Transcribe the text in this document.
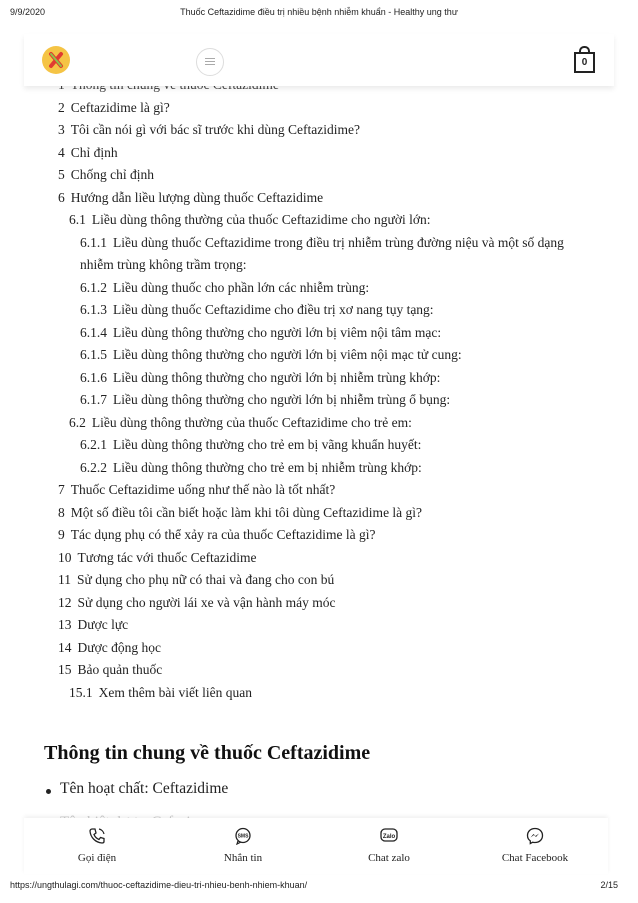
9/9/2020	Thuốc Ceftazidime điều trị nhiều bệnh nhiễm khuẩn - Healthy ung thư
0
2 Ceftazidime là gì?
3 Tôi cần nói gì với bác sĩ trước khi dùng Ceftazidime?
4 Chỉ định
5 Chống chỉ định
6 Hướng dẫn liều lượng dùng thuốc Ceftazidime
6.1 Liều dùng thông thường của thuốc Ceftazidime cho người lớn:
6.1.1 Liều dùng thuốc Ceftazidime trong điều trị nhiễm trùng đường niệu và một số dạng nhiễm trùng không trầm trọng:
6.1.2 Liều dùng thuốc cho phần lớn các nhiễm trùng:
6.1.3 Liều dùng thuốc Ceftazidime cho điều trị xơ nang tụy tạng:
6.1.4 Liều dùng thông thường cho người lớn bị viêm nội tâm mạc:
6.1.5 Liều dùng thông thường cho người lớn bị viêm nội mạc tử cung:
6.1.6 Liều dùng thông thường cho người lớn bị nhiễm trùng khớp:
6.1.7 Liều dùng thông thường cho người lớn bị nhiễm trùng ổ bụng:
6.2 Liều dùng thông thường của thuốc Ceftazidime cho trẻ em:
6.2.1 Liều dùng thông thường cho trẻ em bị vãng khuẩn huyết:
6.2.2 Liều dùng thông thường cho trẻ em bị nhiễm trùng khớp:
7 Thuốc Ceftazidime uống như thế nào là tốt nhất?
8 Một số điều tôi cần biết hoặc làm khi tôi dùng Ceftazidime là gì?
9 Tác dụng phụ có thể xảy ra của thuốc Ceftazidime là gì?
10 Tương tác với thuốc Ceftazidime
11 Sử dụng cho phụ nữ có thai và đang cho con bú
12 Sử dụng cho người lái xe và vận hành máy móc
13 Dược lực
14 Dược động học
15 Bảo quản thuốc
15.1 Xem thêm bài viết liên quan
Thông tin chung về thuốc Ceftazidime
Tên hoạt chất: Ceftazidime
Gọi điện
SMS
Nhắn tin
Zalo
Chat zalo	Chat Facebook
https://ungthulagi.com/thuoc-ceftazidime-dieu-tri-nhieu-benh-nhiem-khuan/	2/15
